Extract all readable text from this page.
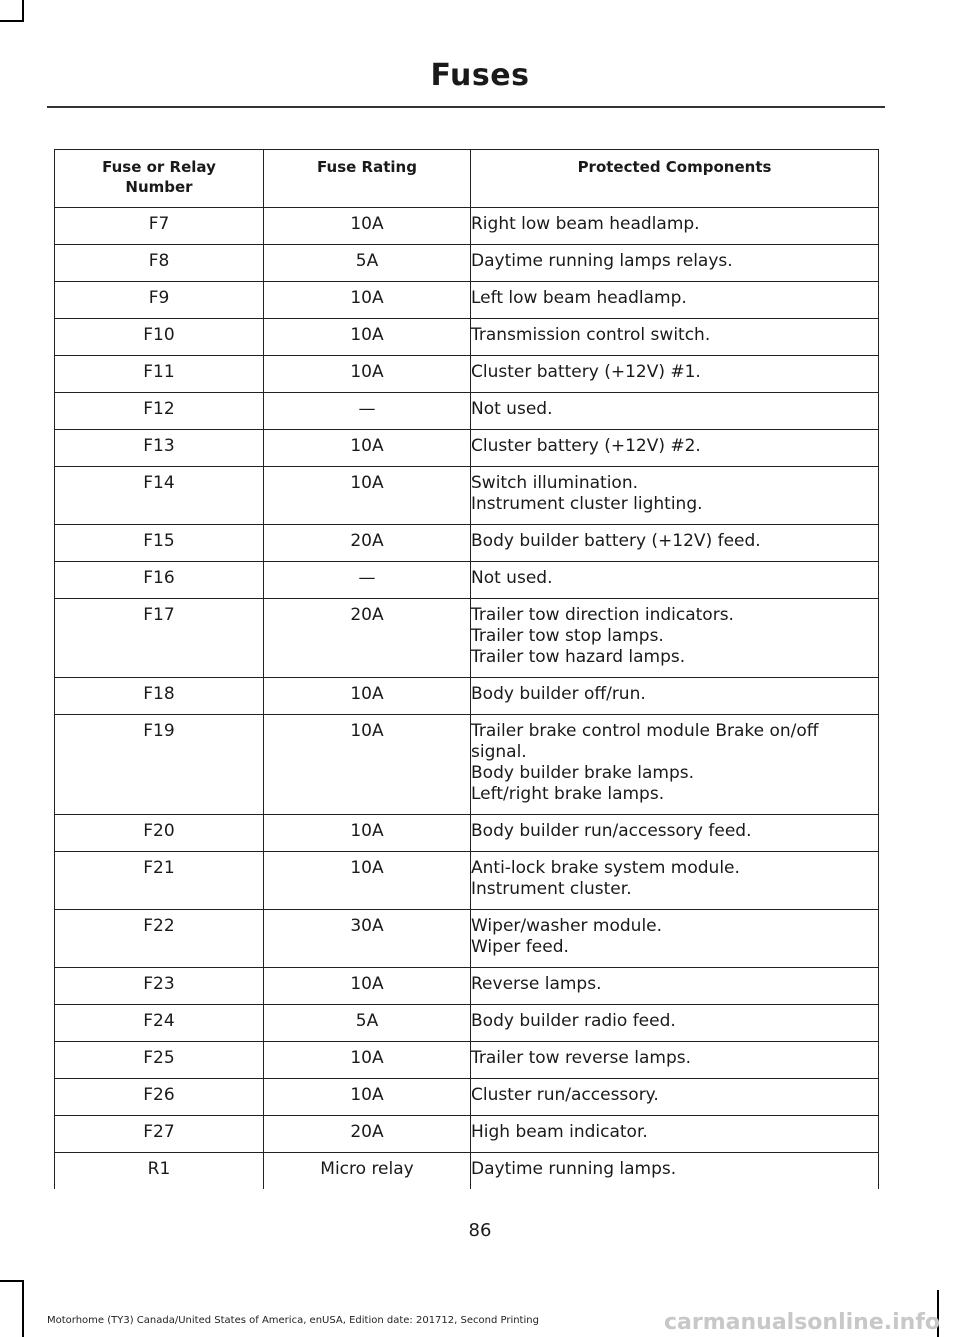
Fuses
Fuse or Relay
Number	Fuse Rating	Protected Components
F7	10A	Right low beam headlamp.

F8	5A	Daytime running lamps relays.

F9	10A	Left low beam headlamp.

F10	10A	Transmission control switch.

F11	10A	Cluster battery (+12V) #1.

F12	—	Not used.

F13	10A	Cluster battery (+12V) #2.

F14	10A	Switch illumination.
Instrument cluster lighting.

F15	20A	Body builder battery (+12V) feed.

F16	—	Not used.

F17	20A	Trailer tow direction indicators.
Trailer tow stop lamps.
Trailer tow hazard lamps.

F18	10A	Body builder off/run.

F19	10A	Trailer brake control module Brake on/off signal.
Body builder brake lamps.
Left/right brake lamps.

F20	10A	Body builder run/accessory feed.

F21	10A	Anti-lock brake system module.
Instrument cluster.

F22	30A	Wiper/washer module.
Wiper feed.

F23	10A	Reverse lamps.

F24	5A	Body builder radio feed.

F25	10A	Trailer tow reverse lamps.

F26	10A	Cluster run/accessory.

F27	20A	High beam indicator.

R1	Micro relay	Daytime running lamps.
86
Motorhome (TY3) Canada/United States of America, enUSA, Edition date: 201712, Second Printing	carmanualsonline.info
